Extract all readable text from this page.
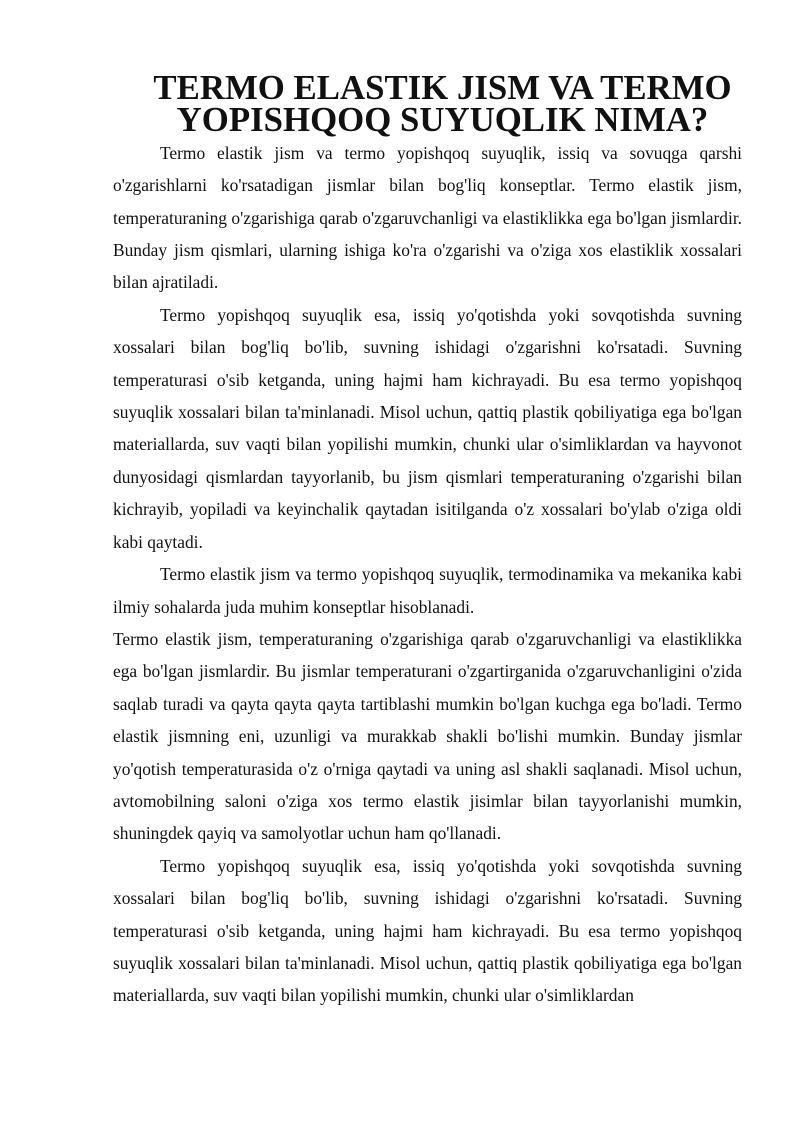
TERMO ELASTIK JISM VA TERMO YOPISHQOQ SUYUQLIK NIMA?

Termo elastik jism va termo yopishqoq suyuqlik, issiq va sovuqga qarshi o'zgarishlarni ko'rsatadigan jismlar bilan bog'liq konseptlar. Termo elastik jism, temperaturaning o'zgarishiga qarab o'zgaruvchanligi va elastiklikka ega bo'lgan jismlardir. Bunday jism qismlari, ularning ishiga ko'ra o'zgarishi va o'ziga xos elastiklik xossalari bilan ajratiladi.

Termo yopishqoq suyuqlik esa, issiq yo'qotishda yoki sovqotishda suvning xossalari bilan bog'liq bo'lib, suvning ishidagi o'zgarishni ko'rsatadi. Suvning temperaturasi o'sib ketganda, uning hajmi ham kichrayadi. Bu esa termo yopishqoq suyuqlik xossalari bilan ta'minlanadi. Misol uchun, qattiq plastik qobiliyatiga ega bo'lgan materiallarda, suv vaqti bilan yopilishi mumkin, chunki ular o'simliklardan va hayvonot dunyosidagi qismlardan tayyorlanib, bu jism qismlari temperaturaning o'zgarishi bilan kichrayib, yopiladi va keyinchalik qaytadan isitilganda o'z xossalari bo'ylab o'ziga oldi kabi qaytadi.

Termo elastik jism va termo yopishqoq suyuqlik, termodinamika va mekanika kabi ilmiy sohalarda juda muhim konseptlar hisoblanadi.

Termo elastik jism, temperaturaning o'zgarishiga qarab o'zgaruvchanligi va elastiklikka ega bo'lgan jismlardir. Bu jismlar temperaturani o'zgartirganida o'zgaruvchanligini o'zida saqlab turadi va qayta qayta qayta tartiblashi mumkin bo'lgan kuchga ega bo'ladi. Termo elastik jismning eni, uzunligi va murakkab shakli bo'lishi mumkin. Bunday jismlar yo'qotish temperaturasida o'z o'rniga qaytadi va uning asl shakli saqlanadi. Misol uchun, avtomobilning saloni o'ziga xos termo elastik jisimlar bilan tayyorlanishi mumkin, shuningdek qayiq va samolyotlar uchun ham qo'llanadi.

Termo yopishqoq suyuqlik esa, issiq yo'qotishda yoki sovqotishda suvning xossalari bilan bog'liq bo'lib, suvning ishidagi o'zgarishni ko'rsatadi. Suvning temperaturasi o'sib ketganda, uning hajmi ham kichrayadi. Bu esa termo yopishqoq suyuqlik xossalari bilan ta'minlanadi. Misol uchun, qattiq plastik qobiliyatiga ega bo'lgan materiallarda, suv vaqti bilan yopilishi mumkin, chunki ular o'simliklardan
